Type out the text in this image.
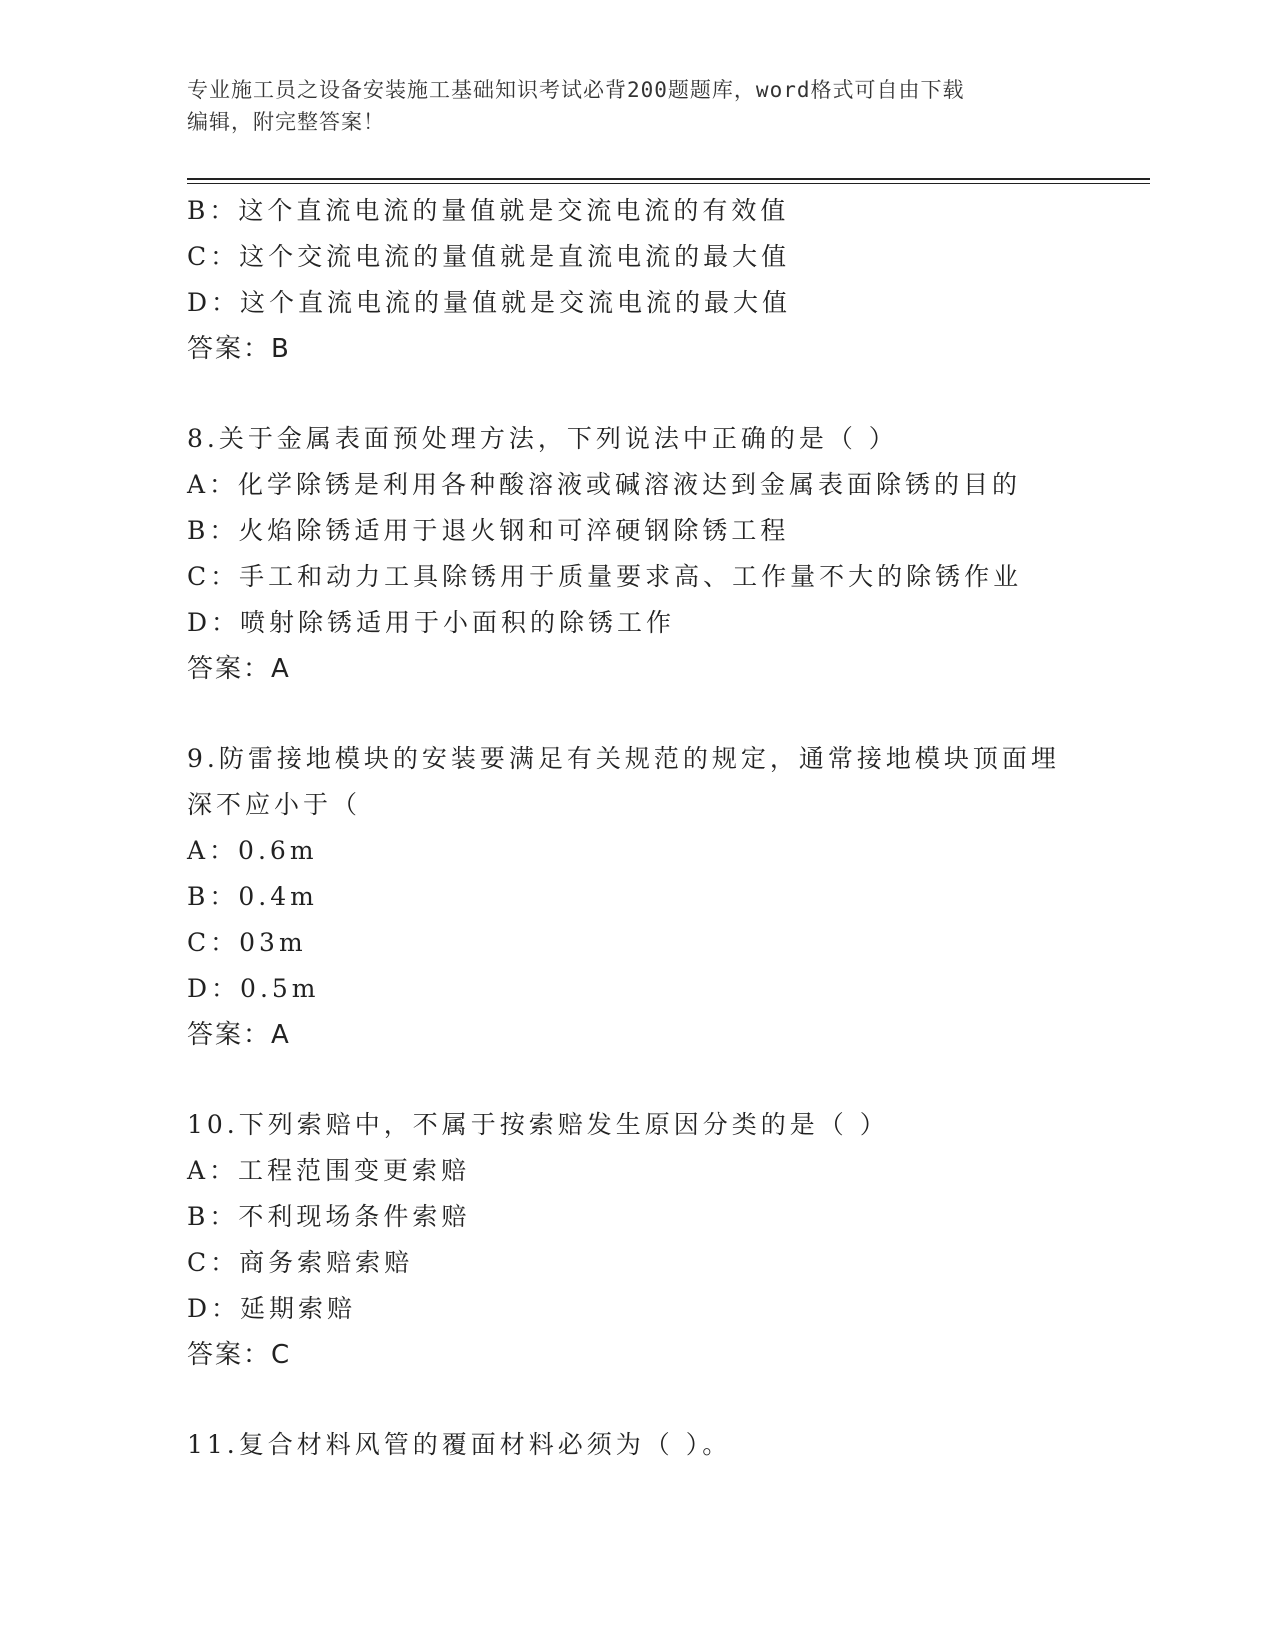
专业施工员之设备安装施工基础知识考试必背200题题库，word格式可自由下载
编辑，附完整答案！
B：这个直流电流的量值就是交流电流的有效值
C：这个交流电流的量值就是直流电流的最大值
D：这个直流电流的量值就是交流电流的最大值
答案：B
8.关于金属表面预处理方法，下列说法中正确的是（ ）
A：化学除锈是利用各种酸溶液或碱溶液达到金属表面除锈的目的
B：火焰除锈适用于退火钢和可淬硬钢除锈工程
C：手工和动力工具除锈用于质量要求高、工作量不大的除锈作业
D：喷射除锈适用于小面积的除锈工作
答案：A
9.防雷接地模块的安装要满足有关规范的规定，通常接地模块顶面埋
深不应小于（
A：0.6m
B：0.4m
C：03m
D：0.5m
答案：A
10.下列索赔中，不属于按索赔发生原因分类的是（ ）
A：工程范围变更索赔
B：不利现场条件索赔
C：商务索赔索赔
D：延期索赔
答案：C
11.复合材料风管的覆面材料必须为（ ）。
